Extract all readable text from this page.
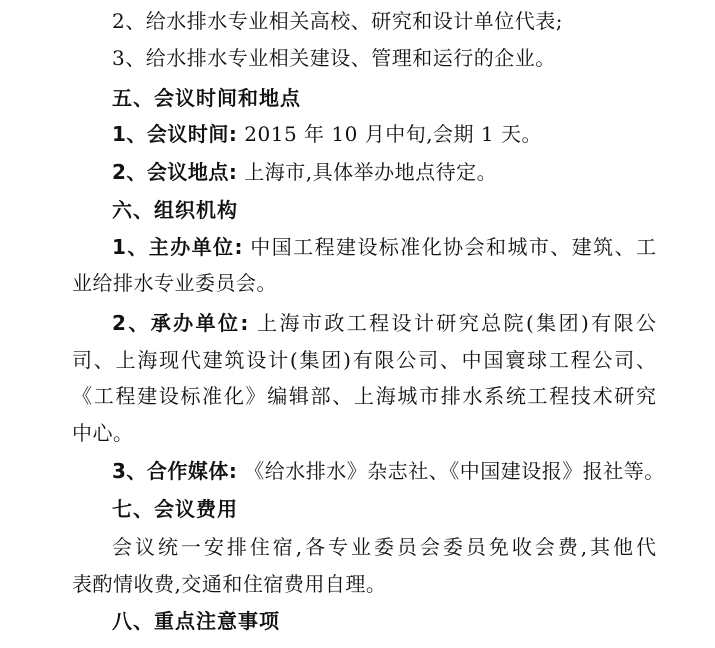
2、给水排水专业相关高校、研究和设计单位代表;
3、给水排水专业相关建设、管理和运行的企业。
五、会议时间和地点
1、会议时间: 2015 年 10 月中旬,会期 1 天。
2、会议地点: 上海市,具体举办地点待定。
六、组织机构
1、主办单位: 中国工程建设标准化协会和城市、建筑、工
业给排水专业委员会。
2、承办单位: 上海市政工程设计研究总院(集团)有限公
司、上海现代建筑设计(集团)有限公司、中国寰球工程公司、
《工程建设标准化》编辑部、上海城市排水系统工程技术研究
中心。
3、合作媒体: 《给水排水》杂志社、《中国建设报》报社等。
七、会议费用
会议统一安排住宿,各专业委员会委员免收会费,其他代
表酌情收费,交通和住宿费用自理。
八、重点注意事项
